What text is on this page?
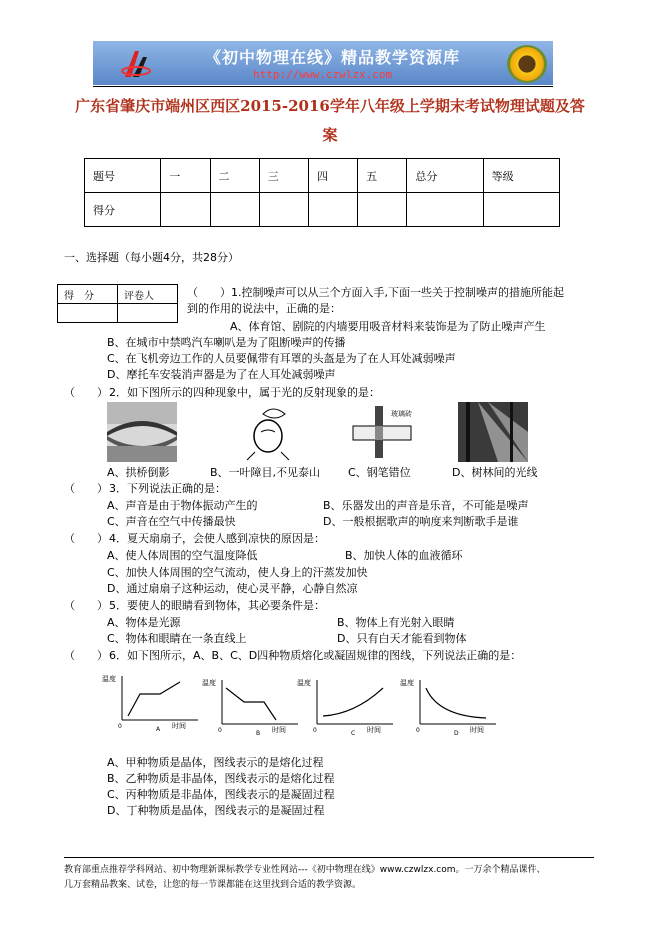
《初中物理在线》精品教学资源库
http://www.czwlzx.com
广东省肇庆市端州区西区2015-2016学年八年级上学期末考试物理试题及答
案
题号	一	二	三	四	五	总分	等级
得分							
一、选择题（每小题4分，共28分）
得　分	评卷人
		（　　）1.控制噪声可以从三个方面入手,下面一些关于控制噪声的措施所能起
到的作用的说法中，正确的是：
A、体育馆、剧院的内墙要用吸音材料来装饰是为了防止噪声产生
B、在城市中禁鸣汽车喇叭是为了阻断噪声的传播
C、在飞机旁边工作的人员要佩带有耳罩的头盔是为了在人耳处减弱噪声
D、摩托车安装消声器是为了在人耳处减弱噪声
（　　） 2．如下图所示的四种现象中，属于光的反射现象的是：
玻璃砖
A、拱桥倒影	B、一叶障目,不见泰山	C、钢笔错位	D、树林间的光线
（　　） 3．下列说法正确的是：
A、声音是由于物体振动产生的	B、乐器发出的声音是乐音，不可能是噪声
C、声音在空气中传播最快	D、一般根据歌声的响度来判断歌手是谁
（　　） 4．夏天扇扇子，会使人感到凉快的原因是：
A、使人体周围的空气温度降低	B、加快人体的血液循环
C、加快人体周围的空气流动，使人身上的汗蒸发加快
D、通过扇扇子这种运动，使心灵平静，心静自然凉
（　　） 5．要使人的眼睛看到物体，其必要条件是：
A、物体是光源	B、物体上有光射入眼睛
C、物体和眼睛在一条直线上	D、只有白天才能看到物体
（　　） 6．如下图所示，A、B、C、D四种物质熔化或凝固规律的图线，下列说法正确的是：
温度
0	时间
A
温度
0	时间
B
温度
0	时间
C
温度
0	时间
D
A、甲种物质是晶体，图线表示的是熔化过程
B、乙种物质是非晶体，图线表示的是熔化过程
C、丙种物质是非晶体，图线表示的是凝固过程
D、丁种物质是晶体，图线表示的是凝固过程
教育部重点推荐学科网站、初中物理新课标教学专业性网站---《初中物理在线》www.czwlzx.com。一万余个精品课件、
几万套精品教案、试卷，让您的每一节课都能在这里找到合适的教学资源。
